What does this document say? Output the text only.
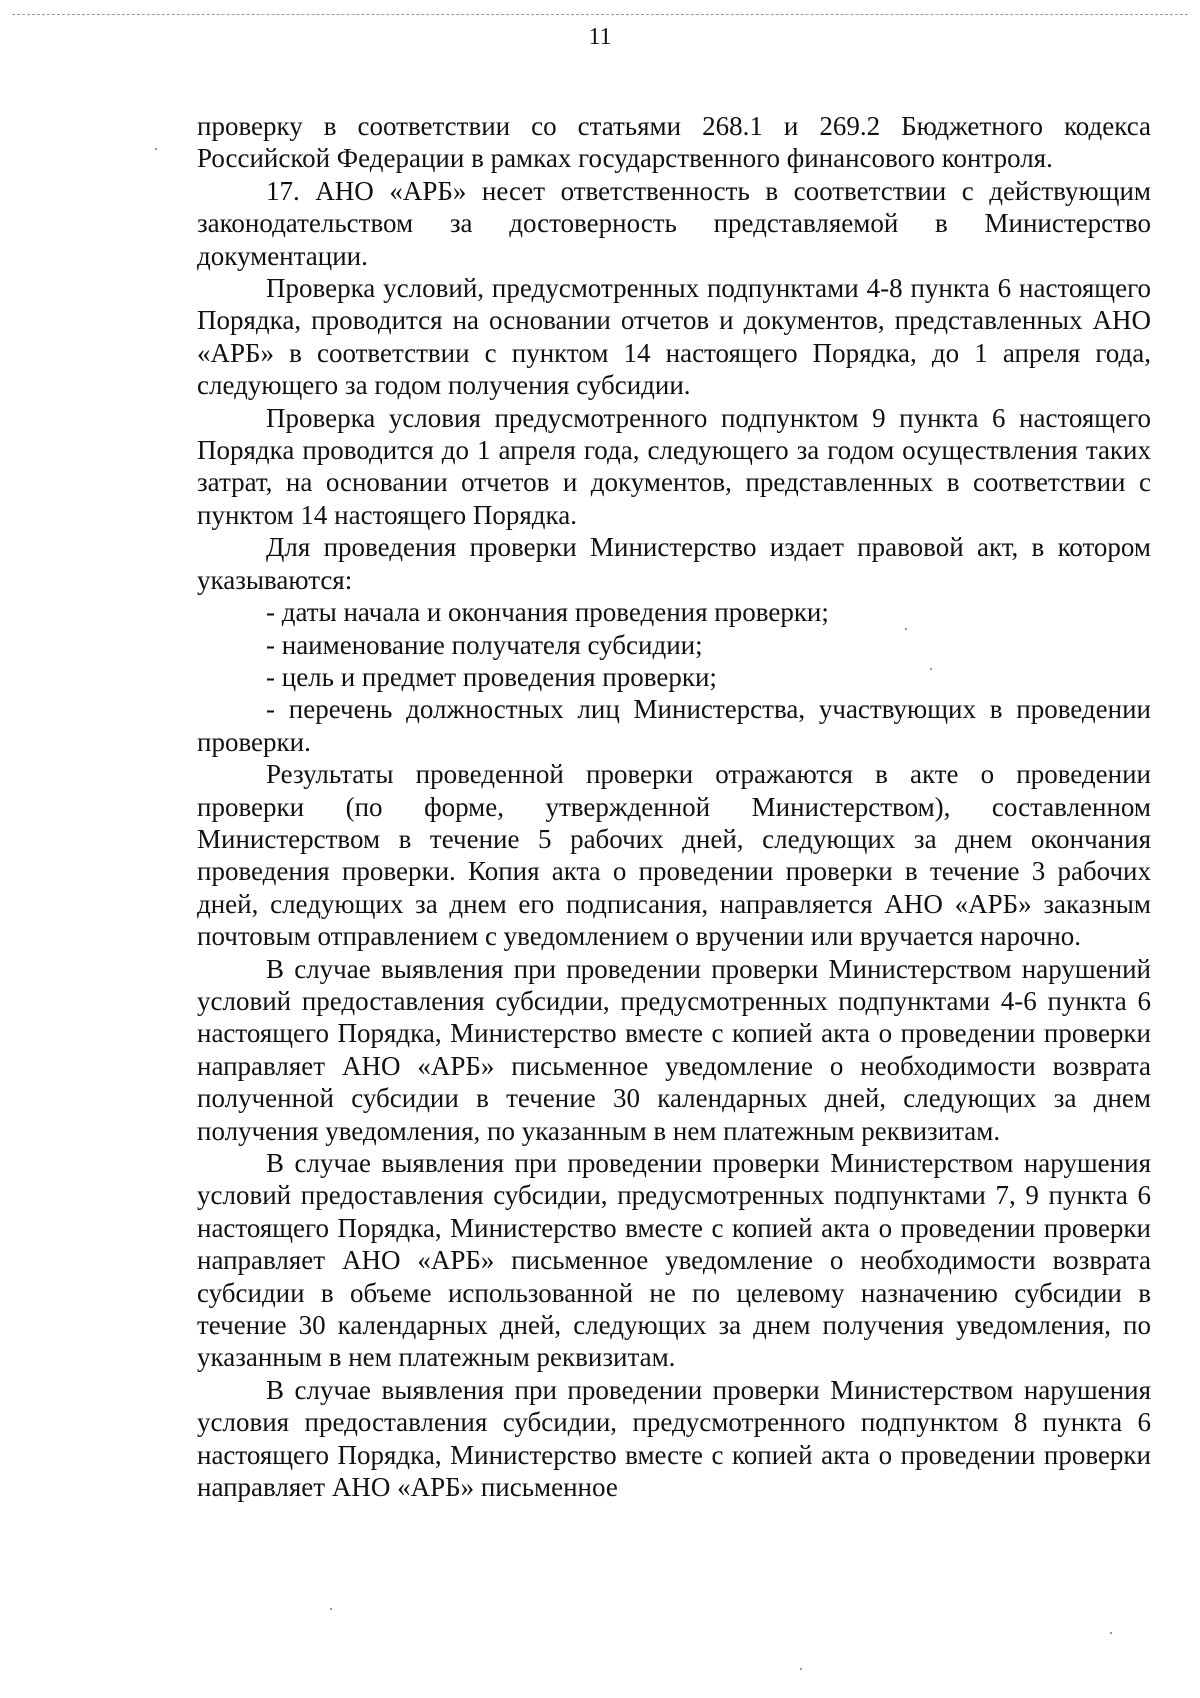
11

проверку в соответствии со статьями 268.1 и 269.2 Бюджетного кодекса Российской Федерации в рамках государственного финансового контроля.

17. АНО «АРБ» несет ответственность в соответствии с действующим законодательством за достоверность представляемой в Министерство документации.

Проверка условий, предусмотренных подпунктами 4-8 пункта 6 настоящего Порядка, проводится на основании отчетов и документов, представленных АНО «АРБ» в соответствии с пунктом 14 настоящего Порядка, до 1 апреля года, следующего за годом получения субсидии.

Проверка условия предусмотренного подпунктом 9 пункта 6 настоящего Порядка проводится до 1 апреля года, следующего за годом осуществления таких затрат, на основании отчетов и документов, представленных в соответствии с пунктом 14 настоящего Порядка.

Для проведения проверки Министерство издает правовой акт, в котором указываются:

- даты начала и окончания проведения проверки;

- наименование получателя субсидии;

- цель и предмет проведения проверки;

- перечень должностных лиц Министерства, участвующих в проведении проверки.

Результаты проведенной проверки отражаются в акте о проведении проверки (по форме, утвержденной Министерством), составленном Министерством в течение 5 рабочих дней, следующих за днем окончания проведения проверки. Копия акта о проведении проверки в течение 3 рабочих дней, следующих за днем его подписания, направляется АНО «АРБ» заказным почтовым отправлением с уведомлением о вручении или вручается нарочно.

В случае выявления при проведении проверки Министерством нарушений условий предоставления субсидии, предусмотренных подпунктами 4-6 пункта 6 настоящего Порядка, Министерство вместе с копией акта о проведении проверки направляет АНО «АРБ» письменное уведомление о необходимости возврата полученной субсидии в течение 30 календарных дней, следующих за днем получения уведомления, по указанным в нем платежным реквизитам.

В случае выявления при проведении проверки Министерством нарушения условий предоставления субсидии, предусмотренных подпунктами 7, 9 пункта 6 настоящего Порядка, Министерство вместе с копией акта о проведении проверки направляет АНО «АРБ» письменное уведомление о необходимости возврата субсидии в объеме использованной не по целевому назначению субсидии в течение 30 календарных дней, следующих за днем получения уведомления, по указанным в нем платежным реквизитам.

В случае выявления при проведении проверки Министерством нарушения условия предоставления субсидии, предусмотренного подпунктом 8 пункта 6 настоящего Порядка, Министерство вместе с копией акта о проведении проверки направляет АНО «АРБ» письменное
